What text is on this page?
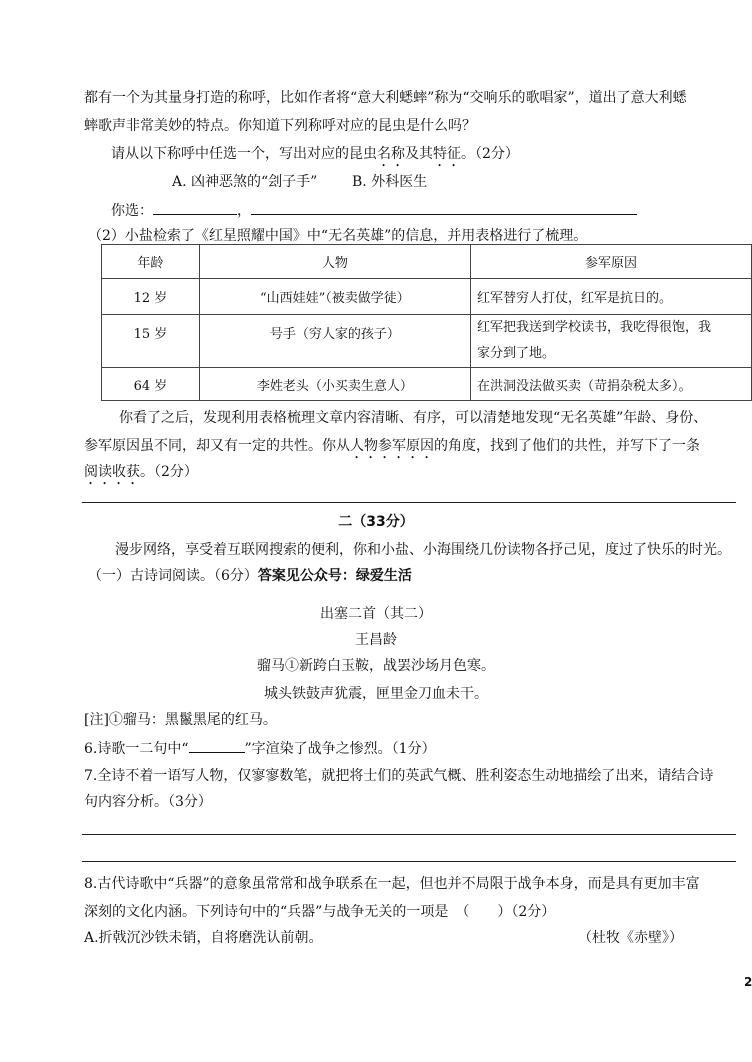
都有一个为其量身打造的称呼，比如作者将“意大利蟋蟀”称为“交响乐的歌唱家”，道出了意大利蟋
蟀歌声非常美妙的特点。你知道下列称呼对应的昆虫是什么吗？
请从以下称呼中任选一个，写出对应的昆虫名称及其特征。（2分）
A. 凶神恶煞的“刽子手” B. 外科医生
你选：	，
（2）小盐检索了《红星照耀中国》中“无名英雄”的信息，并用表格进行了梳理。
年龄	人物	参军原因
12 岁	“山西娃娃”（被卖做学徒）	红军替穷人打仗，红军是抗日的。
15 岁	号手（穷人家的孩子）	红军把我送到学校读书，我吃得很饱，我
家分到了地。

64 岁	李姓老头（小买卖生意人）	在洪洞没法做买卖（苛捐杂税太多）。
你看了之后，发现利用表格梳理文章内容清晰、有序，可以清楚地发现“无名英雄”年龄、身份、
参军原因虽不同，却又有一定的共性。你从人物参军原因的角度，找到了他们的共性，并写下了一条
阅读收获。（2分）
二（33分）
漫步网络，享受着互联网搜索的便利，你和小盐、小海围绕几份读物各抒己见，度过了快乐的时光。
（一）古诗词阅读。（6分）答案见公众号：绿爱生活
出塞二首（其二）
王昌龄
骝马①新跨白玉鞍，战罢沙场月色寒。
城头铁鼓声犹震，匣里金刀血未干。
[注]①骝马：黑鬣黑尾的红马。
6.诗歌一二句中“	”字渲染了战争之惨烈。（1分）
7.全诗不着一语写人物，仅寥寥数笔，就把将士们的英武气概、胜利姿态生动地描绘了出来，请结合诗
句内容分析。（3分）
8.古代诗歌中“兵器”的意象虽常常和战争联系在一起，但也并不局限于战争本身，而是具有更加丰富
深刻的文化内涵。下列诗句中的“兵器”与战争无关的一项是　（　　）（2分）
A.折戟沉沙铁未销，自将磨洗认前朝。	（杜牧《赤壁》）
2
